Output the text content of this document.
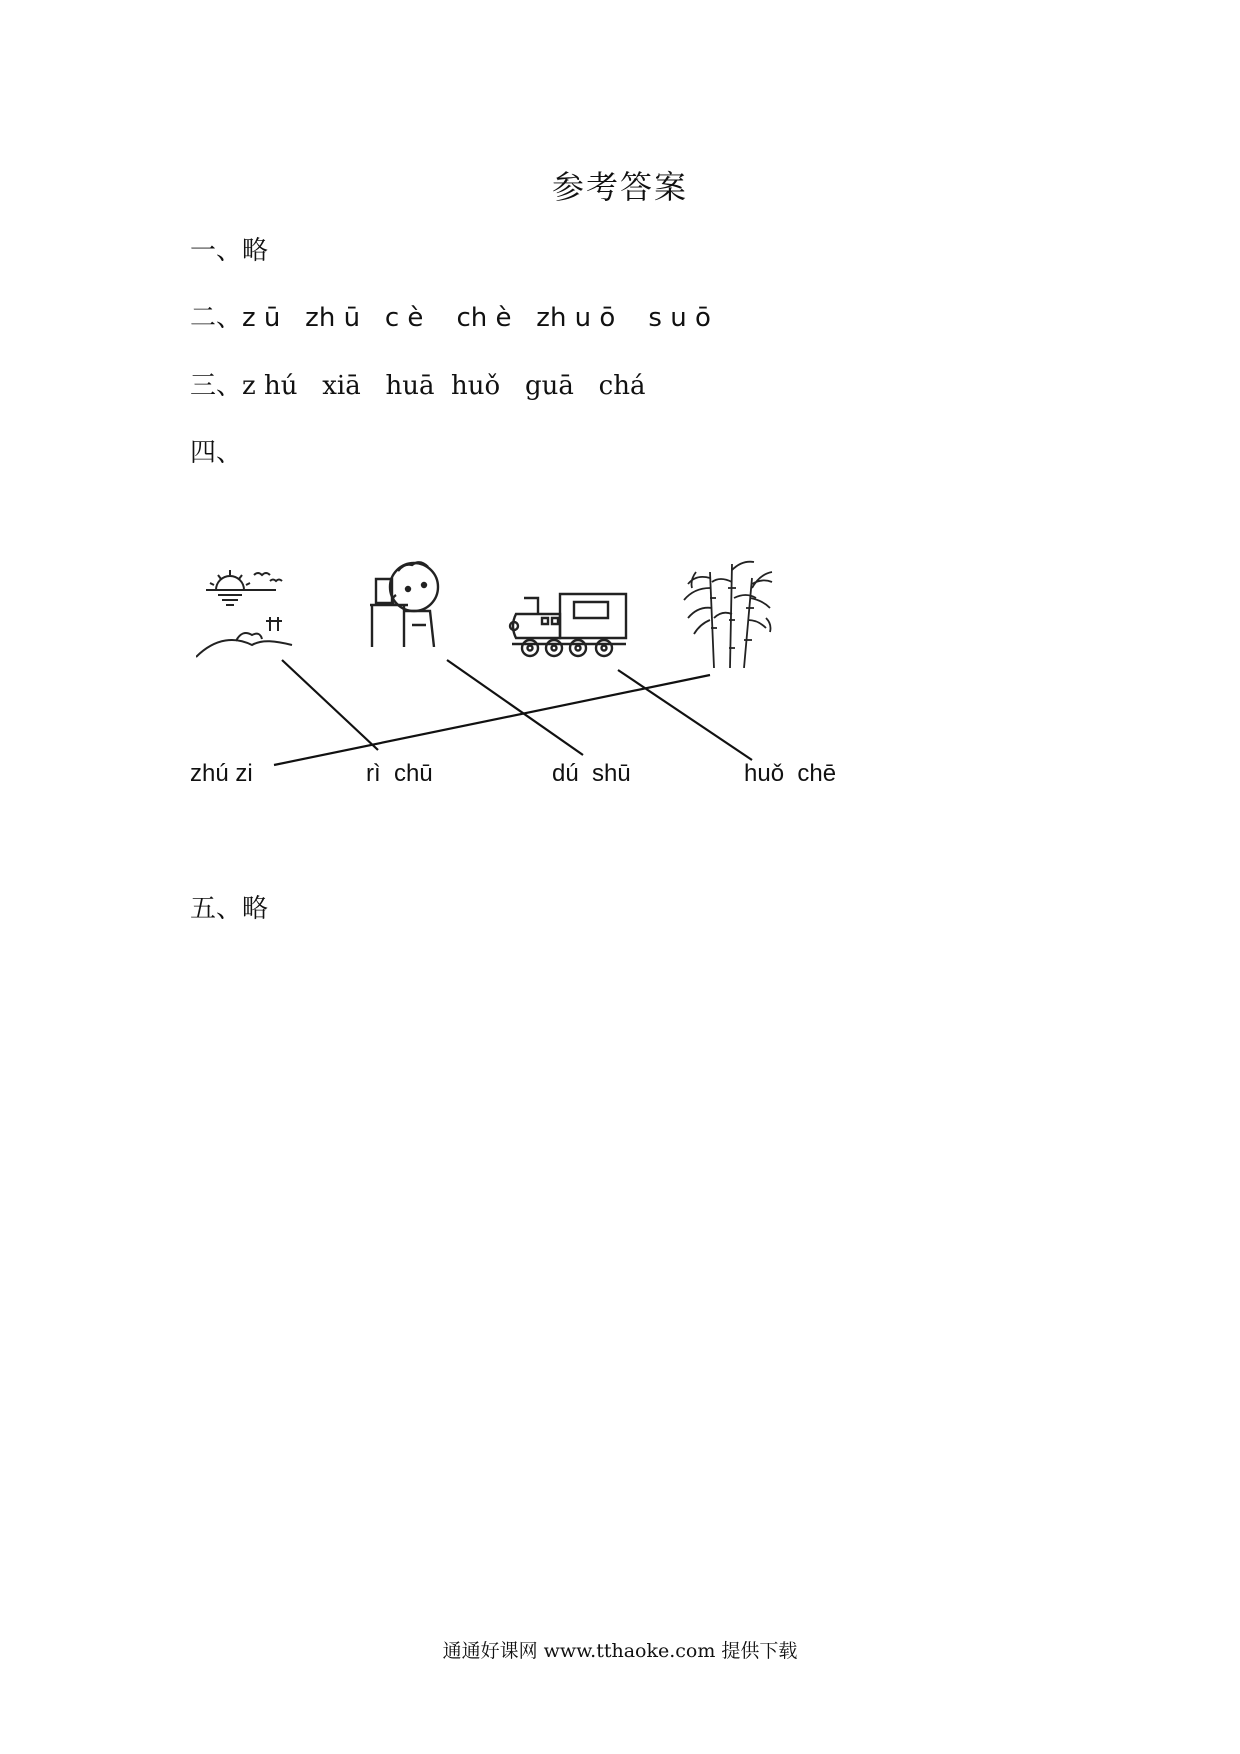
参考答案
一、略
二、z ū   zh ū   c è    ch è   zh u ō    s u ō
三、z hú   xiā   huā  huǒ   guā   chá
四、
zhú zi	rì  chū	dú  shū	huǒ  chē
五、略
通通好课网 www.tthaoke.com 提供下载
